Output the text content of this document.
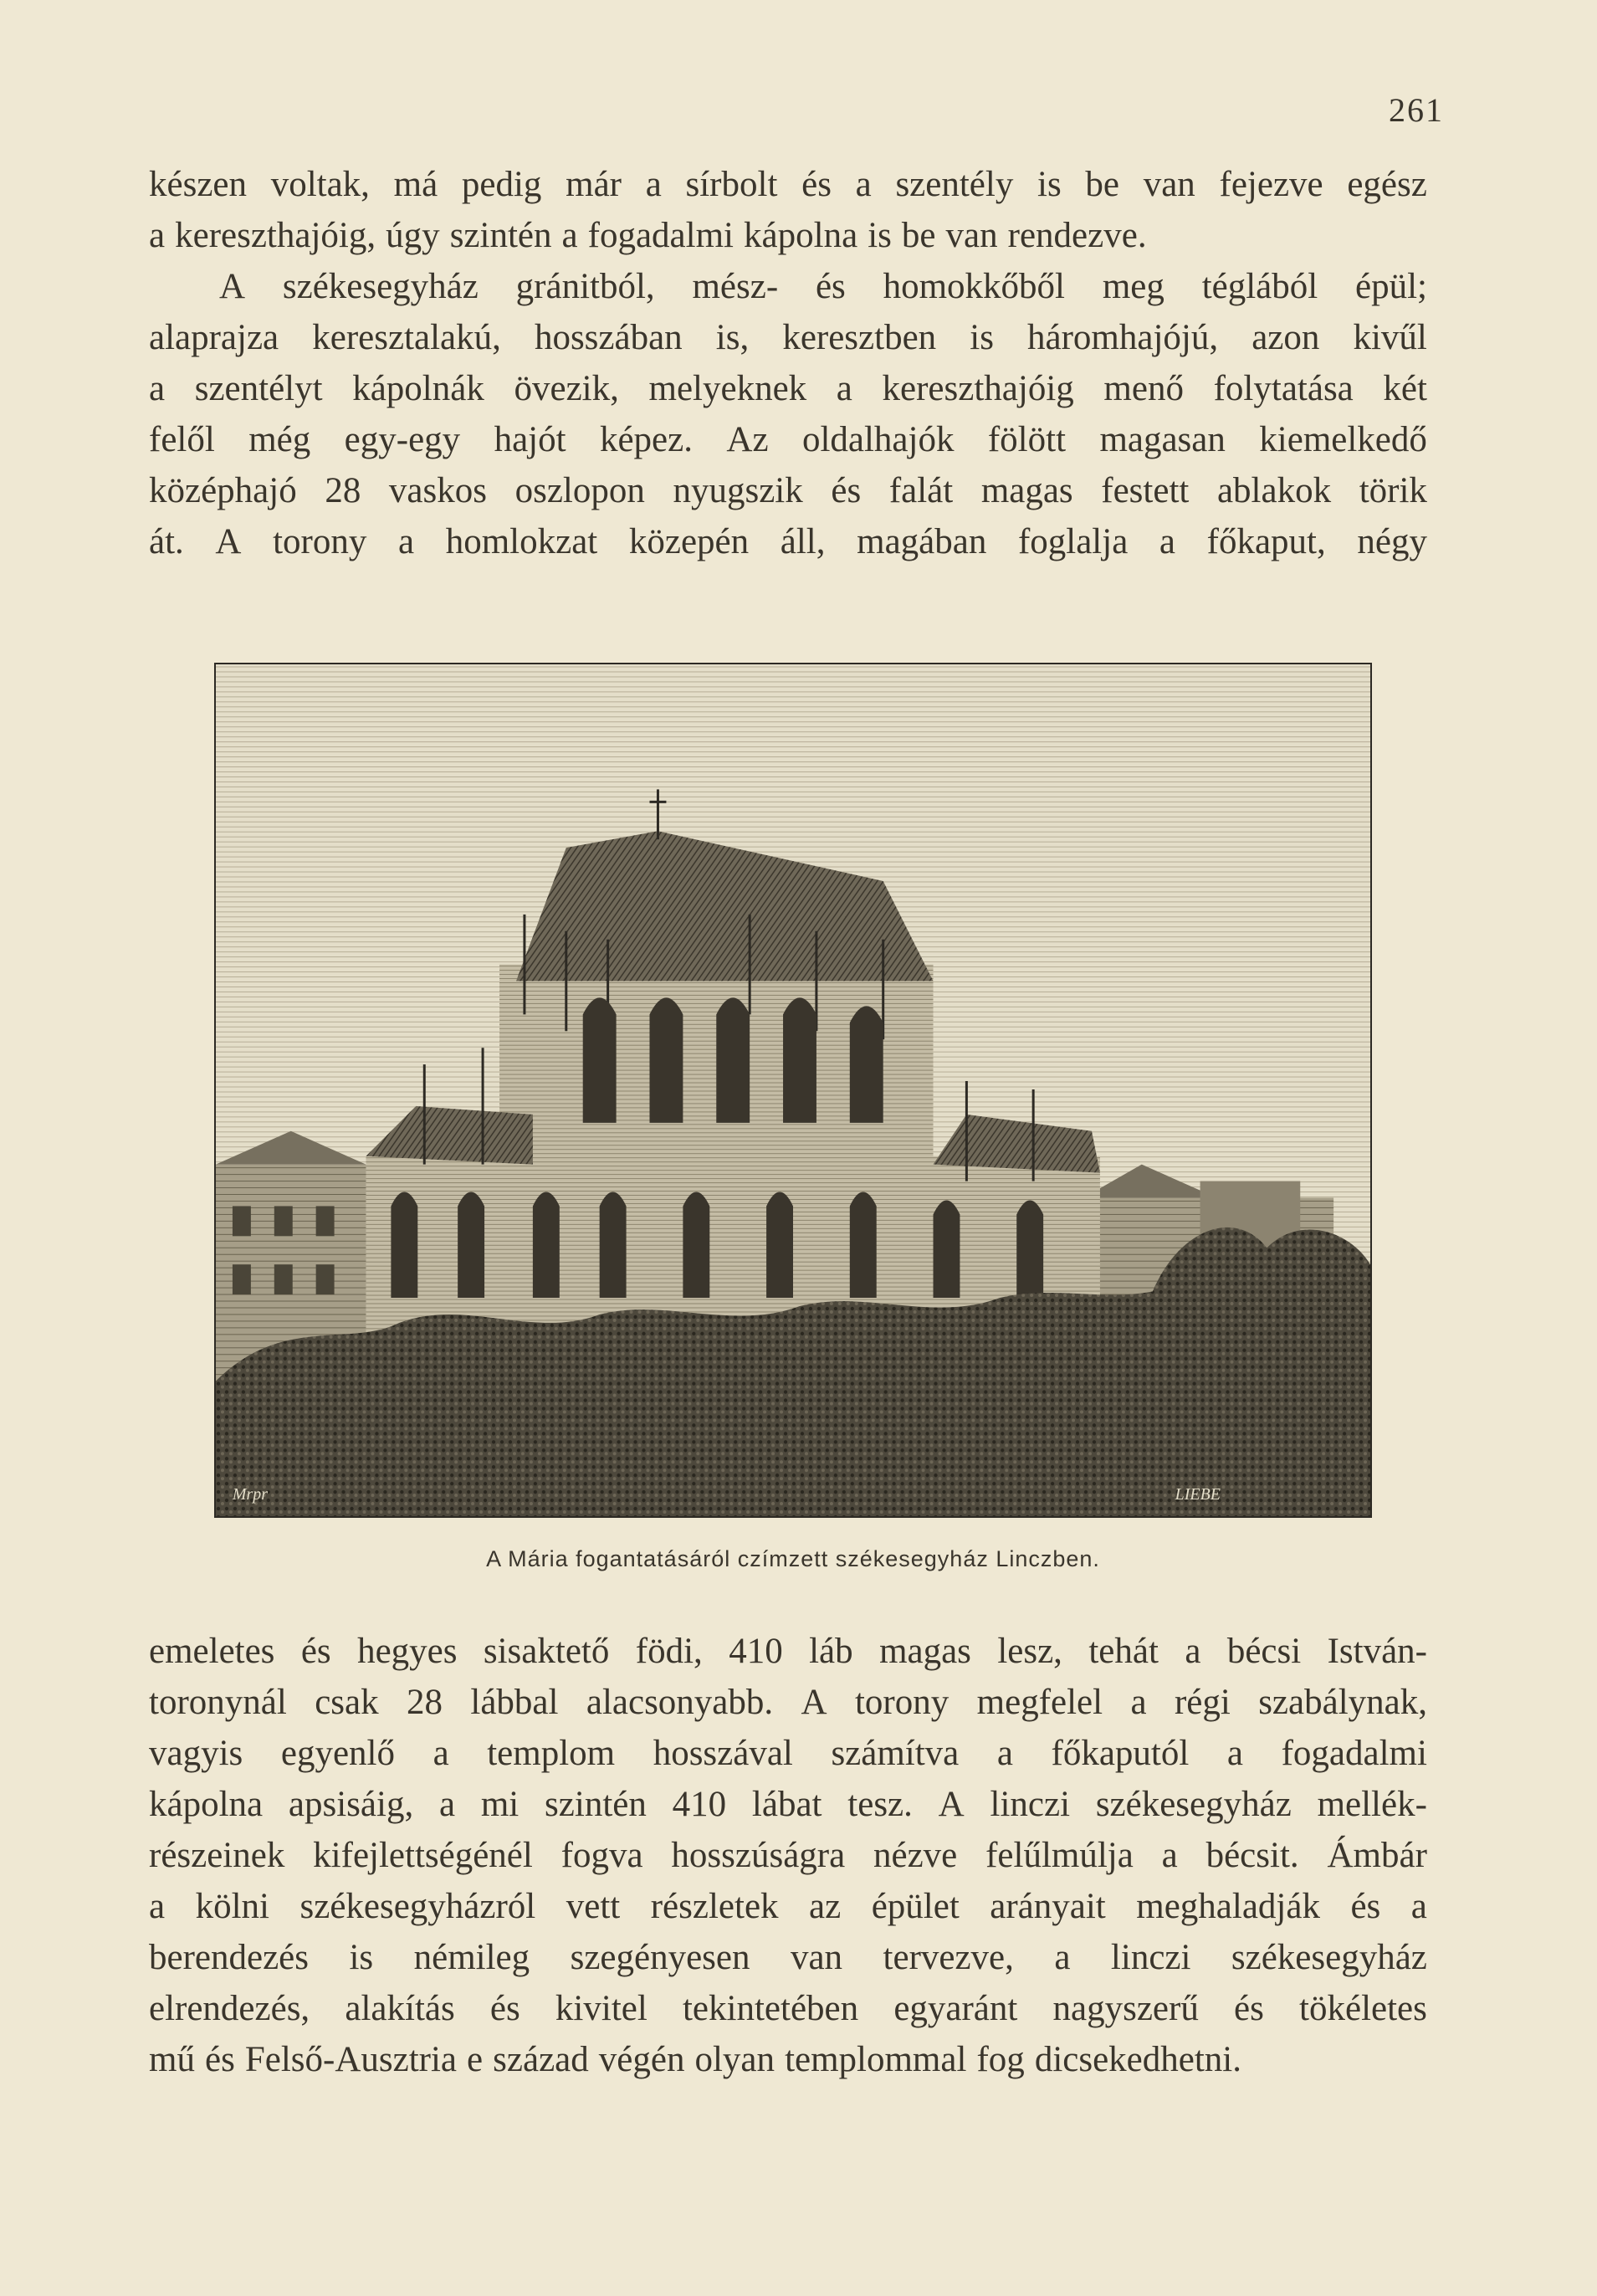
261
készen voltak, má pedig már a sírbolt és a szentély is be van fejezve egész
a kereszthajóig, úgy szintén a fogadalmi kápolna is be van rendezve.
A székesegyház gránitból, mész- és homokkőből meg téglából épül;
alaprajza keresztalakú, hosszában is, keresztben is háromhajójú, azon kivűl
a szentélyt kápolnák övezik, melyeknek a kereszthajóig menő folytatása két
felől még egy-egy hajót képez. Az oldalhajók fölött magasan kiemelkedő
középhajó 28 vaskos oszlopon nyugszik és falát magas festett ablakok törik
át. A torony a homlokzat közepén áll, magában foglalja a főkaput, négy
Mrpr	LIEBE
A Mária fogantatásáról czímzett székesegyház Linczben.
emeletes és hegyes sisaktető födi, 410 láb magas lesz, tehát a bécsi István-
toronynál csak 28 lábbal alacsonyabb. A torony megfelel a régi szabálynak,
vagyis egyenlő a templom hosszával számítva a főkaputól a fogadalmi
kápolna apsisáig, a mi szintén 410 lábat tesz. A linczi székesegyház mellék-
részeinek kifejlettségénél fogva hosszúságra nézve felűlmúlja a bécsit. Ámbár
a kölni székesegyházról vett részletek az épület arányait meghaladják és a
berendezés is némileg szegényesen van tervezve, a linczi székesegyház
elrendezés, alakítás és kivitel tekintetében egyaránt nagyszerű és tökéletes
mű és Felső-Ausztria e század végén olyan templommal fog dicsekedhetni.
